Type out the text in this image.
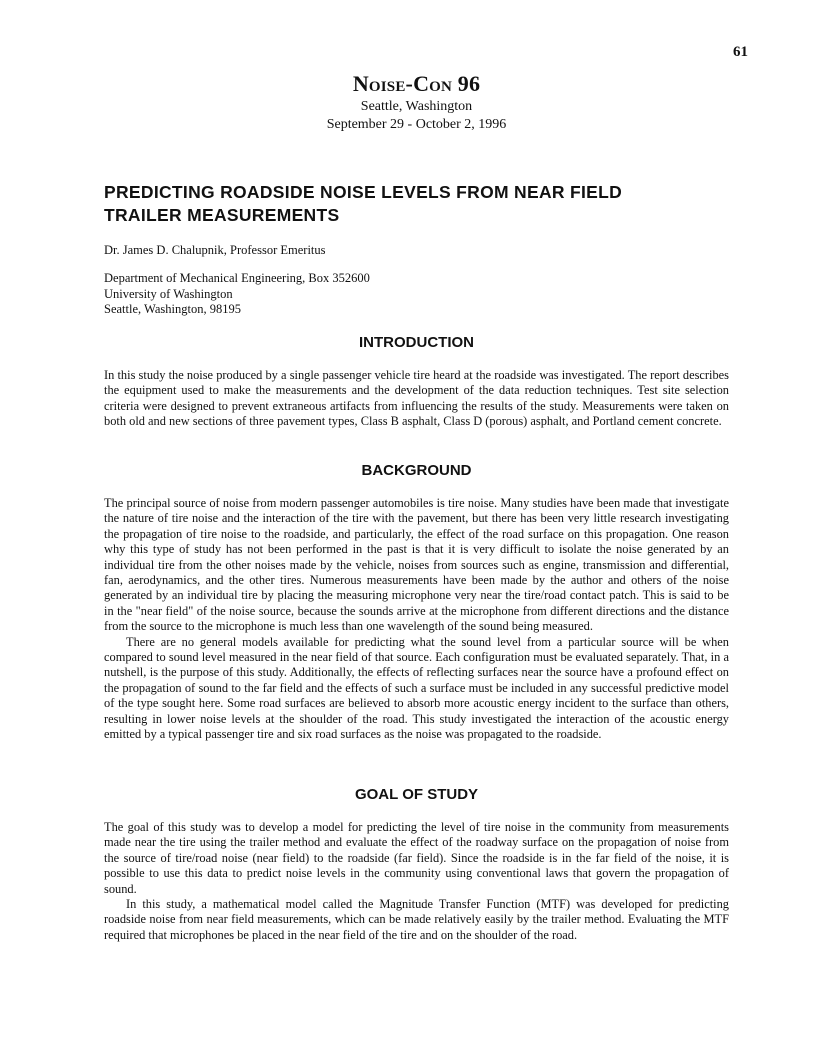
61
Noise-Con 96
Seattle, Washington
September 29 - October 2, 1996
PREDICTING ROADSIDE NOISE LEVELS FROM NEAR FIELD TRAILER MEASUREMENTS
Dr. James D. Chalupnik, Professor Emeritus
Department of Mechanical Engineering, Box 352600
University of Washington
Seattle, Washington, 98195
INTRODUCTION

In this study the noise produced by a single passenger vehicle tire heard at the roadside was investigated. The report describes the equipment used to make the measurements and the development of the data reduction techniques. Test site selection criteria were designed to prevent extraneous artifacts from influencing the results of the study. Measurements were taken on both old and new sections of three pavement types, Class B asphalt, Class D (porous) asphalt, and Portland cement concrete.

BACKGROUND

The principal source of noise from modern passenger automobiles is tire noise. Many studies have been made that investigate the nature of tire noise and the interaction of the tire with the pavement, but there has been very little research investigating the propagation of tire noise to the roadside, and particularly, the effect of the road surface on this propagation. One reason why this type of study has not been performed in the past is that it is very difficult to isolate the noise generated by an individual tire from the other noises made by the vehicle, noises from sources such as engine, transmission and differential, fan, aerodynamics, and the other tires. Numerous measurements have been made by the author and others of the noise generated by an individual tire by placing the measuring microphone very near the tire/road contact patch. This is said to be in the "near field" of the noise source, because the sounds arrive at the microphone from different directions and the distance from the source to the microphone is much less than one wavelength of the sound being measured.

There are no general models available for predicting what the sound level from a particular source will be when compared to sound level measured in the near field of that source. Each configuration must be evaluated separately. That, in a nutshell, is the purpose of this study. Additionally, the effects of reflecting surfaces near the source have a profound effect on the propagation of sound to the far field and the effects of such a surface must be included in any successful predictive model of the type sought here. Some road surfaces are believed to absorb more acoustic energy incident to the surface than others, resulting in lower noise levels at the shoulder of the road. This study investigated the interaction of the acoustic energy emitted by a typical passenger tire and six road surfaces as the noise was propagated to the roadside.

GOAL OF STUDY

The goal of this study was to develop a model for predicting the level of tire noise in the community from measurements made near the tire using the trailer method and evaluate the effect of the roadway surface on the propagation of noise from the source of tire/road noise (near field) to the roadside (far field). Since the roadside is in the far field of the noise, it is possible to use this data to predict noise levels in the community using conventional laws that govern the propagation of sound.

In this study, a mathematical model called the Magnitude Transfer Function (MTF) was developed for predicting roadside noise from near field measurements, which can be made relatively easily by the trailer method. Evaluating the MTF required that microphones be placed in the near field of the tire and on the shoulder of the road.
